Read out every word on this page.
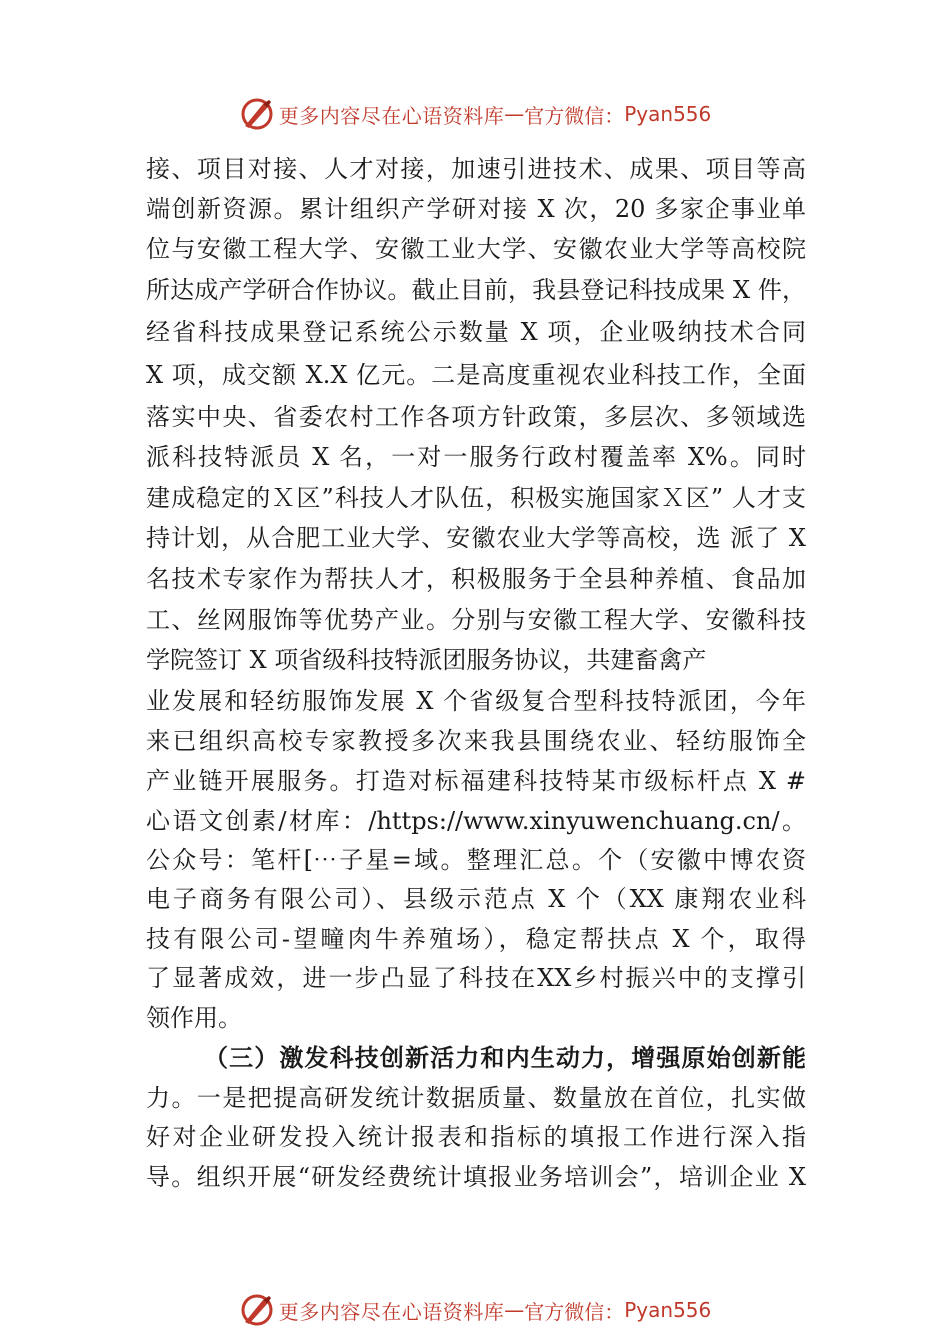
更多内容尽在心语资料库 — 官方微信： Pyan556
接、项目对接、人才对接，加速引进技术、成果、项目等高
端创新资源。累计组织产学研对接 X 次，20 多家企事业单
位与安徽工程大学、安徽工业大学、安徽农业大学等高校院
所达成产学研合作协议。截止目前，我县登记科技成果 X 件，
经省科技成果登记系统公示数量 X 项，企业吸纳技术合同
X 项，成交额 X.X 亿元。二是高度重视农业科技工作，全面
落实中央、省委农村工作各项方针政策，多层次、多领域选
派科技特派员 X 名，一对一服务行政村覆盖率 X%。同时
建成稳定的Ｘ区”科技人才队伍，积极实施国家Ｘ区” 人才支
持计划，从合肥工业大学、安徽农业大学等高校，选 派了 X
名技术专家作为帮扶人才，积极服务于全县种养植、食品加
工、丝网服饰等优势产业。分别与安徽工程大学、安徽科技
学院签订 X 项省级科技特派团服务协议，共建畜禽产
业发展和轻纺服饰发展 X 个省级复合型科技特派团，今年
来已组织高校专家教授多次来我县围绕农业、轻纺服饰全
产业链开展服务。打造对标福建科技特某市级标杆点 X #
心语文创素/材库：/https://www.xinyuwenchuang.cn/。
公众号：笔杆[⋯子星=域。整理汇总。个（安徽中博农资
电子商务有限公司）、县级示范点 X 个（XX 康翔农业科
技有限公司-望疃肉牛养殖场），稳定帮扶点 X 个，取得
了显著成效，进一步凸显了科技在XX乡村振兴中的支撑引
领作用。
（三）激发科技创新活力和内生动力，增强原始创新能
力。一是把提高研发统计数据质量、数量放在首位，扎实做
好对企业研发投入统计报表和指标的填报工作进行深入指
导。组织开展“研发经费统计填报业务培训会”，培训企业 X
更多内容尽在心语资料库 — 官方微信： Pyan556
